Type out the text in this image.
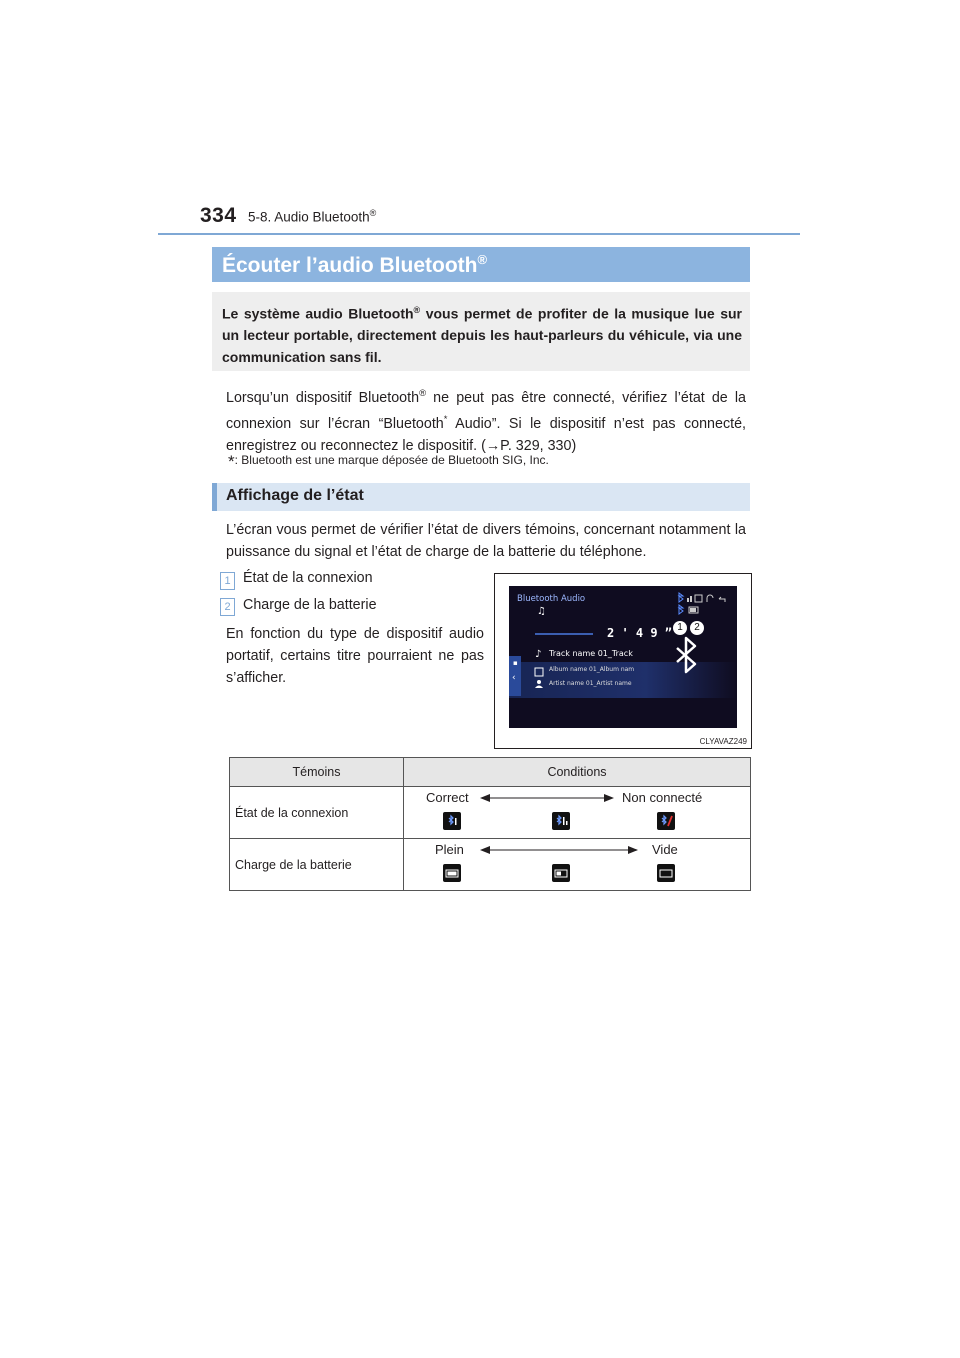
334 5-8. Audio Bluetooth®
Écouter l’audio Bluetooth®
Le système audio Bluetooth® vous permet de profiter de la musique lue sur un lecteur portable, directement depuis les haut-parleurs du véhicule, via une communication sans fil.
Lorsqu’un dispositif Bluetooth® ne peut pas être connecté, vérifiez l’état de la connexion sur l’écran “Bluetooth* Audio”. Si le dispositif n’est pas connecté, enregistrez ou reconnectez le dispositif. (→P. 329, 330)
*: Bluetooth est une marque déposée de Bluetooth SIG, Inc.
Affichage de l’état
L’écran vous permet de vérifier l’état de divers témoins, concernant notamment la puissance du signal et l’état de charge de la batterie du téléphone.
1 État de la connexion
2 Charge de la batterie
En fonction du type de dispositif audio portatif, certains titre pourraient ne pas s’afficher.	‹
▪
♫
♪
Bluetooth Audio
2 ' 4 9 ”
Track name 01_Track
Album name 01_Album nam
Artist name 01_Artist name
1	2
CLYAVAZ249
Témoins	Conditions
État de la connexion	Correct Non connecté

Charge de la batterie	Plein Vide
